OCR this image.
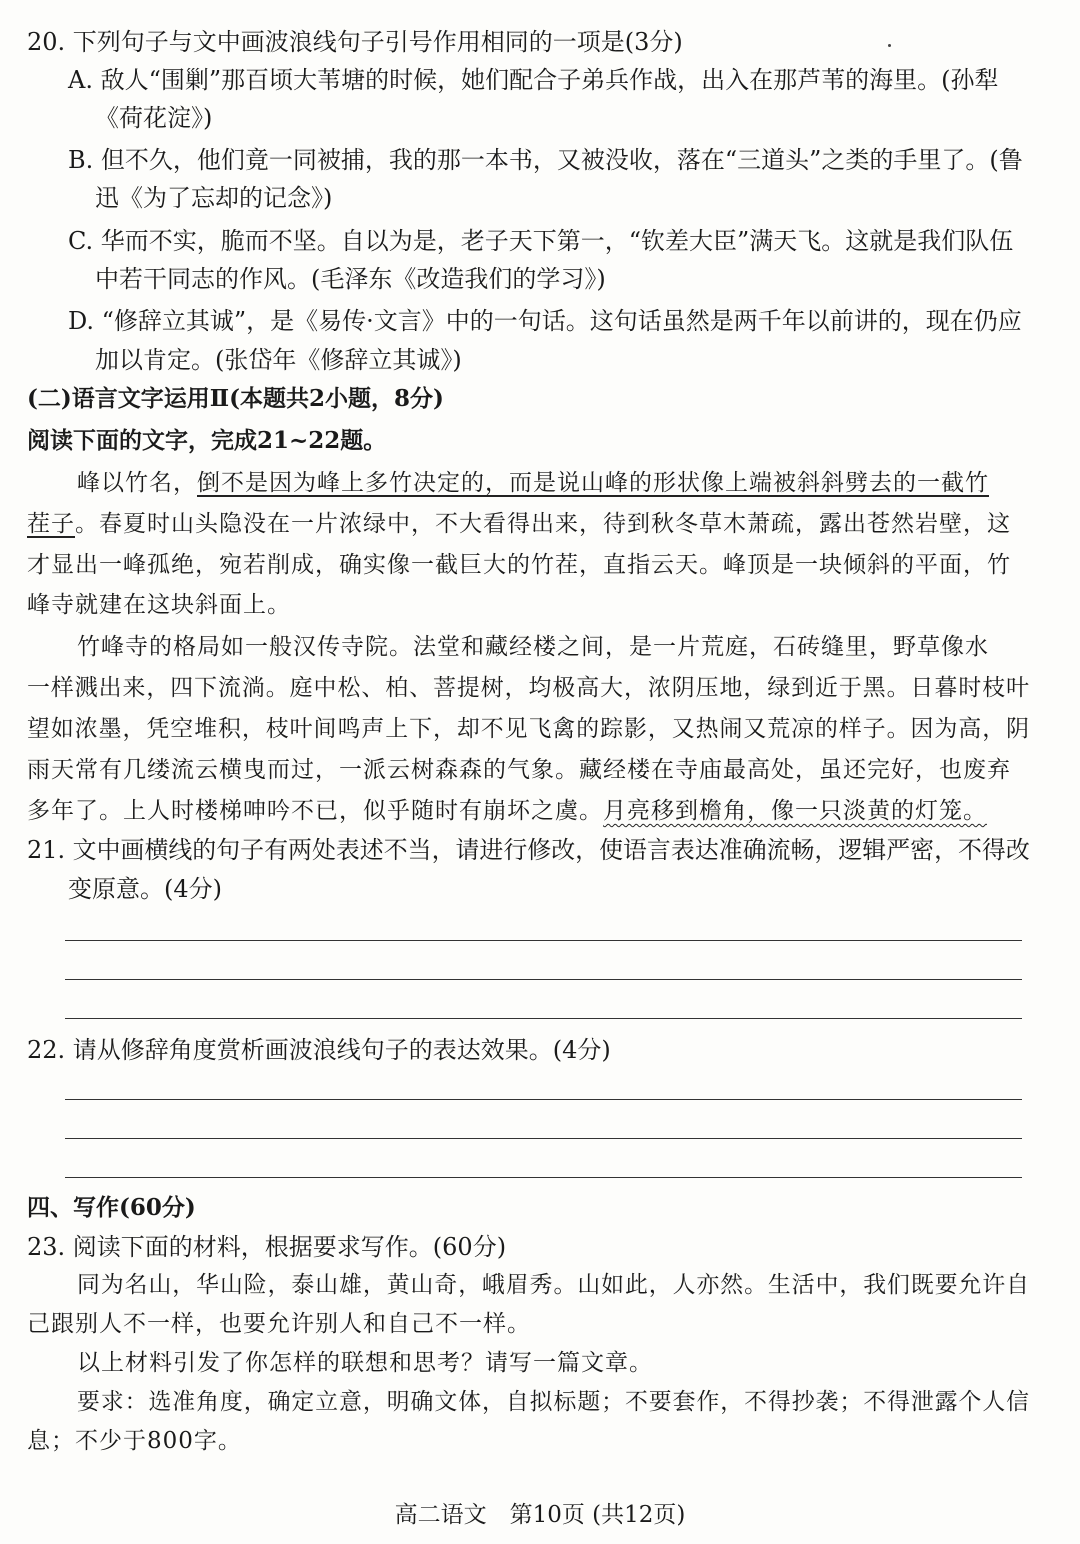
20. 下列句子与文中画波浪线句子引号作用相同的一项是(3分)
A. 敌人“围剿”那百顷大苇塘的时候，她们配合子弟兵作战，出入在那芦苇的海里。(孙犁
《荷花淀》)
B. 但不久，他们竟一同被捕，我的那一本书，又被没收，落在“三道头”之类的手里了。(鲁
迅《为了忘却的记念》)
C. 华而不实，脆而不坚。自以为是，老子天下第一，“钦差大臣”满天飞。这就是我们队伍
中若干同志的作风。(毛泽东《改造我们的学习》)
D. “修辞立其诚”，是《易传·文言》中的一句话。这句话虽然是两千年以前讲的，现在仍应
加以肯定。(张岱年《修辞立其诚》)
(二)语言文字运用Ⅱ(本题共2小题，8分)
阅读下面的文字，完成21~22题。
峰以竹名，倒不是因为峰上多竹决定的，而是说山峰的形状像上端被斜斜劈去的一截竹
茬子。春夏时山头隐没在一片浓绿中，不大看得出来，待到秋冬草木萧疏，露出苍然岩壁，这
才显出一峰孤绝，宛若削成，确实像一截巨大的竹茬，直指云天。峰顶是一块倾斜的平面，竹
峰寺就建在这块斜面上。
竹峰寺的格局如一般汉传寺院。法堂和藏经楼之间，是一片荒庭，石砖缝里，野草像水
一样溅出来，四下流淌。庭中松、柏、菩提树，均极高大，浓阴压地，绿到近于黑。日暮时枝叶
望如浓墨，凭空堆积，枝叶间鸣声上下，却不见飞禽的踪影，又热闹又荒凉的样子。因为高，阴
雨天常有几缕流云横曳而过，一派云树森森的气象。藏经楼在寺庙最高处，虽还完好，也废弃
多年了。上人时楼梯呻吟不已，似乎随时有崩坏之虞。月亮移到檐角，像一只淡黄的灯笼。
21. 文中画横线的句子有两处表述不当，请进行修改，使语言表达准确流畅，逻辑严密，不得改
变原意。(4分)
22. 请从修辞角度赏析画波浪线句子的表达效果。(4分)
四、写作(60分)
23. 阅读下面的材料，根据要求写作。(60分)
同为名山，华山险，泰山雄，黄山奇，峨眉秀。山如此，人亦然。生活中，我们既要允许自
己跟别人不一样，也要允许别人和自己不一样。
以上材料引发了你怎样的联想和思考？请写一篇文章。
要求：选准角度，确定立意，明确文体，自拟标题；不要套作，不得抄袭；不得泄露个人信
息；不少于800字。
高二语文　第10页 (共12页)
